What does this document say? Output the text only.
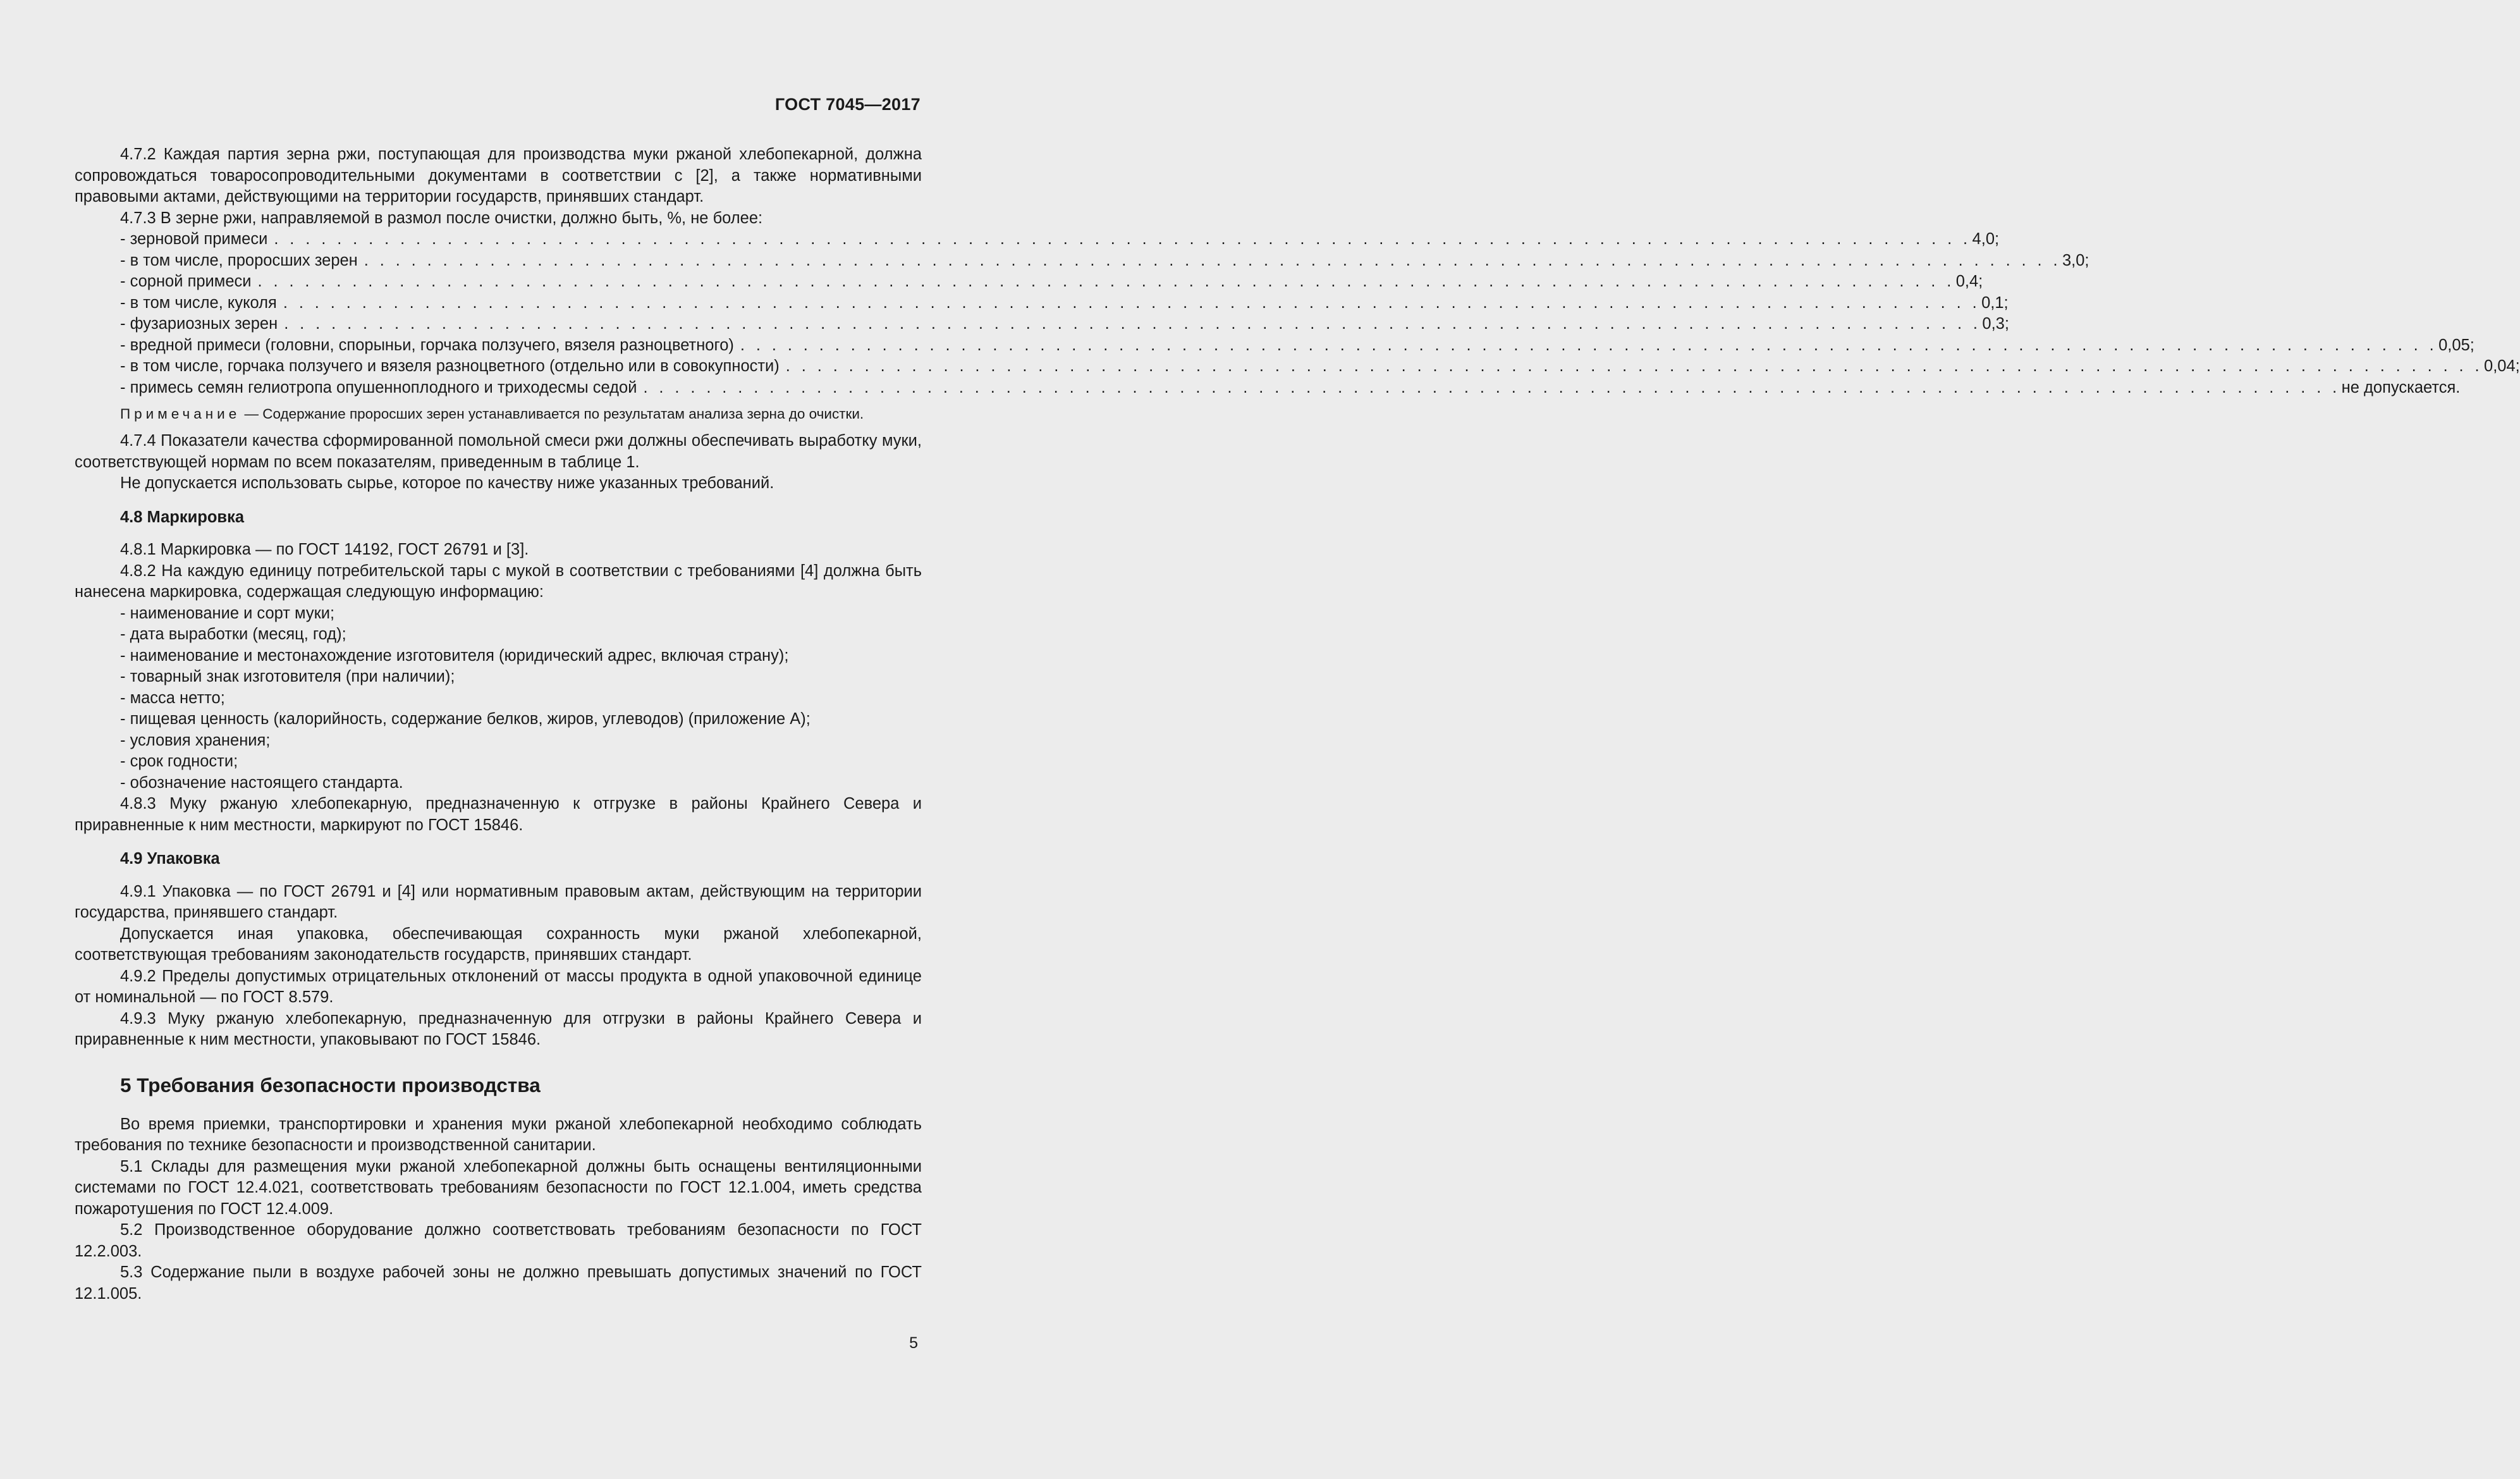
ГОСТ 7045—2017

4.7.2 Каждая партия зерна ржи, поступающая для производства муки ржаной хлебопекарной, должна сопровождаться товаросопроводительными документами в соответствии с [2], а также нормативными правовыми актами, действующими на территории государств, принявших стандарт.

4.7.3 В зерне ржи, направляемой в размол после очистки, должно быть, %, не более:

- зерновой примеси . . . . . . . . . . . . . . . . . . . . . . . . . . . . . . . . . . . . . . . . . . . . . . . . . . . . . . . . . . . . . . . . . . . . . . . . . . . . . . . . . . . . . . . . . . . . . . . . . . . . . . . . . . . . 4,0;
- в том числе, проросших зерен . . . . . . . . . . . . . . . . . . . . . . . . . . . . . . . . . . . . . . . . . . . . . . . . . . . . . . . . . . . . . . . . . . . . . . . . . . . . . . . . . . . . . . . . . . . . . . . . . . . . . . . . . . . . 3,0;
- сорной примеси . . . . . . . . . . . . . . . . . . . . . . . . . . . . . . . . . . . . . . . . . . . . . . . . . . . . . . . . . . . . . . . . . . . . . . . . . . . . . . . . . . . . . . . . . . . . . . . . . . . . . . . . . . . . 0,4;
- в том числе, куколя . . . . . . . . . . . . . . . . . . . . . . . . . . . . . . . . . . . . . . . . . . . . . . . . . . . . . . . . . . . . . . . . . . . . . . . . . . . . . . . . . . . . . . . . . . . . . . . . . . . . . . . . . . . . 0,1;
- фузариозных зерен . . . . . . . . . . . . . . . . . . . . . . . . . . . . . . . . . . . . . . . . . . . . . . . . . . . . . . . . . . . . . . . . . . . . . . . . . . . . . . . . . . . . . . . . . . . . . . . . . . . . . . . . . . . . 0,3;
- вредной примеси (головни, спорыньи, горчака ползучего, вязеля разноцветного) . . . . . . . . . . . . . . . . . . . . . . . . . . . . . . . . . . . . . . . . . . . . . . . . . . . . . . . . . . . . . . . . . . . . . . . . . . . . . . . . . . . . . . . . . . . . . . . . . . . . . . . . . . . . 0,05;
- в том числе, горчака ползучего и вязеля разноцветного (отдельно или в совокупности) . . . . . . . . . . . . . . . . . . . . . . . . . . . . . . . . . . . . . . . . . . . . . . . . . . . . . . . . . . . . . . . . . . . . . . . . . . . . . . . . . . . . . . . . . . . . . . . . . . . . . . . . . . . . 0,04;
- примесь семян гелиотропа опушенноплодного и триходесмы седой . . . . . . . . . . . . . . . . . . . . . . . . . . . . . . . . . . . . . . . . . . . . . . . . . . . . . . . . . . . . . . . . . . . . . . . . . . . . . . . . . . . . . . . . . . . . . . . . . . . . . . . . . . . . не допускается.

Примечание — Содержание проросших зерен устанавливается по результатам анализа зерна до очистки.

4.7.4 Показатели качества сформированной помольной смеси ржи должны обеспечивать выработку муки, соответствующей нормам по всем показателям, приведенным в таблице 1.

Не допускается использовать сырье, которое по качеству ниже указанных требований.

4.8 Маркировка

4.8.1 Маркировка — по ГОСТ 14192, ГОСТ 26791 и [3].

4.8.2 На каждую единицу потребительской тары с мукой в соответствии с требованиями [4] должна быть нанесена маркировка, содержащая следующую информацию:

- наименование и сорт муки;
- дата выработки (месяц, год);
- наименование и местонахождение изготовителя (юридический адрес, включая страну);
- товарный знак изготовителя (при наличии);
- масса нетто;
- пищевая ценность (калорийность, содержание белков, жиров, углеводов) (приложение А);
- условия хранения;
- срок годности;
- обозначение настоящего стандарта.

4.8.3 Муку ржаную хлебопекарную, предназначенную к отгрузке в районы Крайнего Севера и приравненные к ним местности, маркируют по ГОСТ 15846.

4.9 Упаковка

4.9.1 Упаковка — по ГОСТ 26791 и [4] или нормативным правовым актам, действующим на территории государства, принявшего стандарт.

Допускается иная упаковка, обеспечивающая сохранность муки ржаной хлебопекарной, соответствующая требованиям законодательств государств, принявших стандарт.

4.9.2 Пределы допустимых отрицательных отклонений от массы продукта в одной упаковочной единице от номинальной — по ГОСТ 8.579.

4.9.3 Муку ржаную хлебопекарную, предназначенную для отгрузки в районы Крайнего Севера и приравненные к ним местности, упаковывают по ГОСТ 15846.

5 Требования безопасности производства

Во время приемки, транспортировки и хранения муки ржаной хлебопекарной необходимо соблюдать требования по технике безопасности и производственной санитарии.

5.1 Склады для размещения муки ржаной хлебопекарной должны быть оснащены вентиляционными системами по ГОСТ 12.4.021, соответствовать требованиям безопасности по ГОСТ 12.1.004, иметь средства пожаротушения по ГОСТ 12.4.009.

5.2 Производственное оборудование должно соответствовать требованиям безопасности по ГОСТ 12.2.003.

5.3 Содержание пыли в воздухе рабочей зоны не должно превышать допустимых значений по ГОСТ 12.1.005.

5
